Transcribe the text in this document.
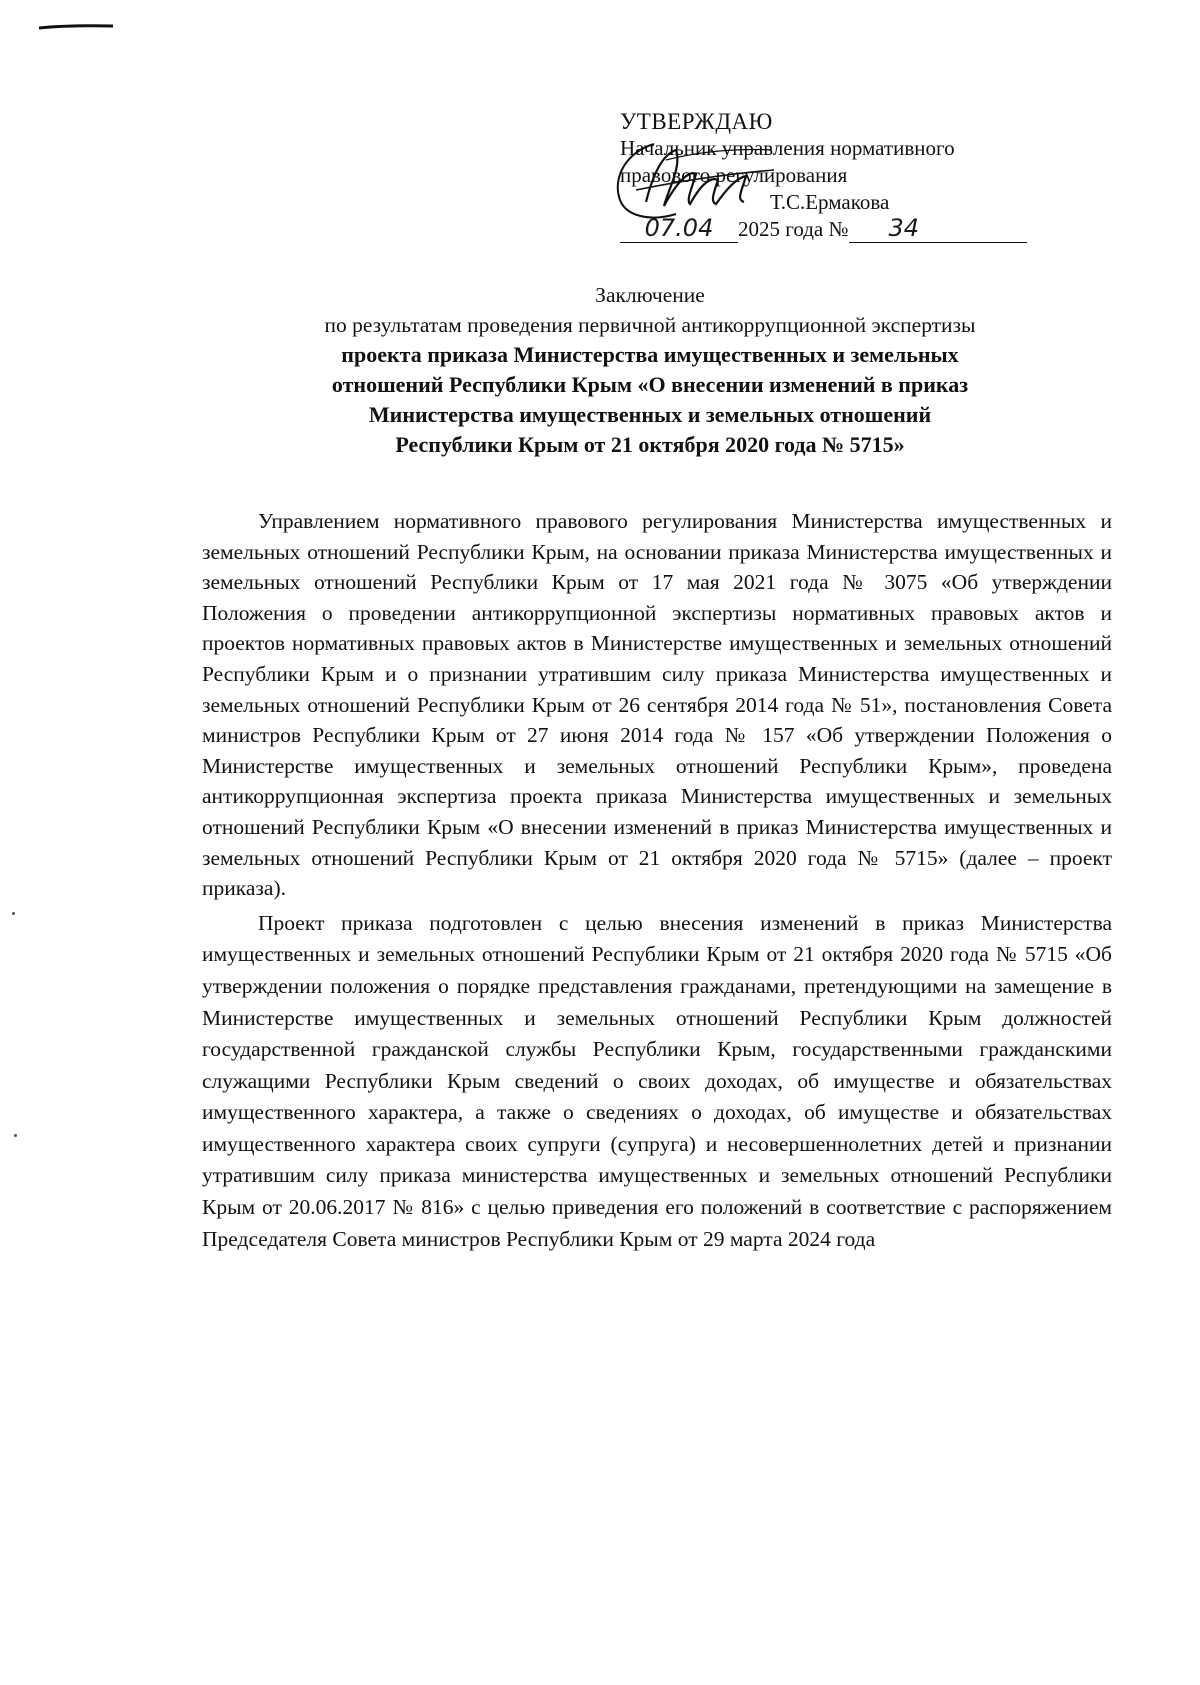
УТВЕРЖДАЮ
Начальник управления нормативного
правового регулирования
Т.С.Ермакова
07.04	2025 года №	34
Заключение
по результатам проведения первичной антикоррупционной экспертизы
проекта приказа Министерства имущественных и земельных
отношений Республики Крым «О внесении изменений в приказ
Министерства имущественных и земельных отношений
Республики Крым от 21 октября 2020 года № 5715»

Управлением нормативного правового регулирования Министерства имущественных и земельных отношений Республики Крым, на основании приказа Министерства имущественных и земельных отношений Республики Крым от 17 мая 2021 года № 3075 «Об утверждении Положения о проведении антикоррупционной экспертизы нормативных правовых актов и проектов нормативных правовых актов в Министерстве имущественных и земельных отношений Республики Крым и о признании утратившим силу приказа Министерства имущественных и земельных отношений Республики Крым от 26 сентября 2014 года № 51», постановления Совета министров Республики Крым от 27 июня 2014 года № 157 «Об утверждении Положения о Министерстве имущественных и земельных отношений Республики Крым», проведена антикоррупционная экспертиза проекта приказа Министерства имущественных и земельных отношений Республики Крым «О внесении изменений в приказ Министерства имущественных и земельных отношений Республики Крым от 21 октября 2020 года № 5715» (далее – проект приказа).

Проект приказа подготовлен с целью внесения изменений в приказ Министерства имущественных и земельных отношений Республики Крым от 21 октября 2020 года № 5715 «Об утверждении положения о порядке представления гражданами, претендующими на замещение в Министерстве имущественных и земельных отношений Республики Крым должностей государственной гражданской службы Республики Крым, государственными гражданскими служащими Республики Крым сведений о своих доходах, об имуществе и обязательствах имущественного характера, а также о сведениях о доходах, об имуществе и обязательствах имущественного характера своих супруги (супруга) и несовершеннолетних детей и признании утратившим силу приказа министерства имущественных и земельных отношений Республики Крым от 20.06.2017 № 816» с целью приведения его положений в соответствие с распоряжением Председателя Совета министров Республики Крым от 29 марта 2024 года
